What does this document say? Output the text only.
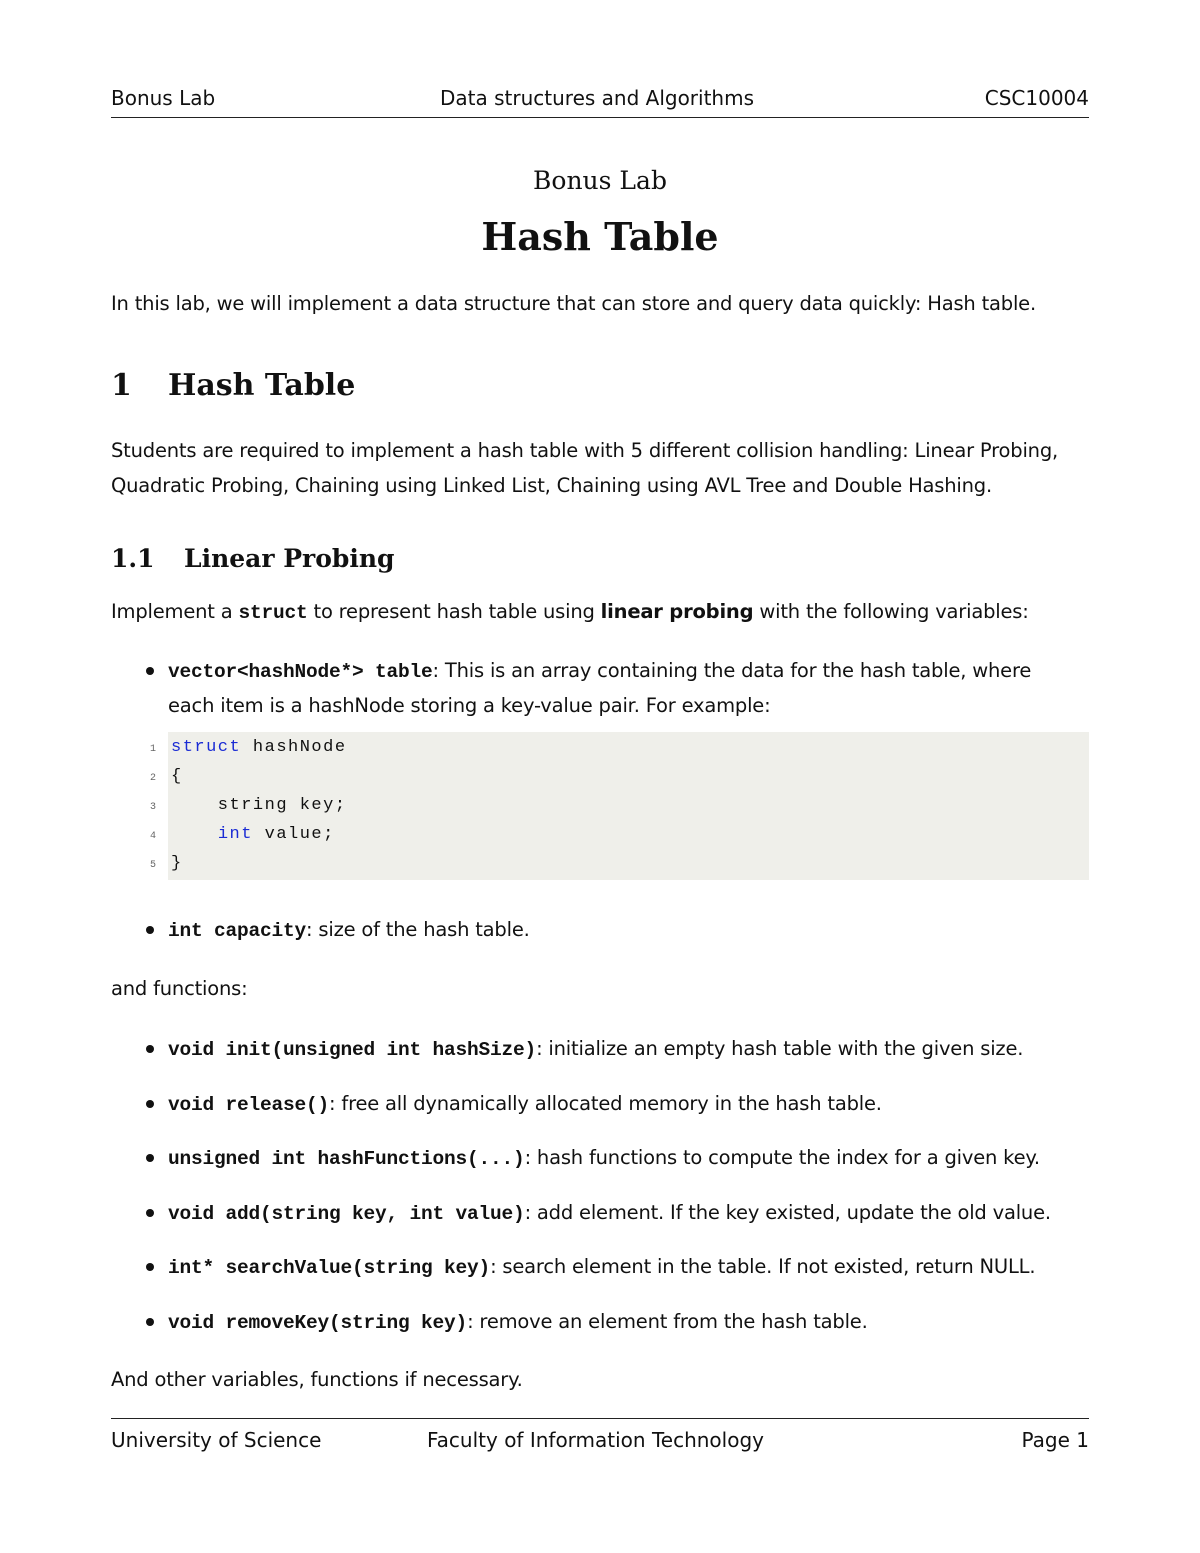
Bonus Lab	Data structures and Algorithms	CSC10004
Bonus Lab
Hash Table
In this lab, we will implement a data structure that can store and query data quickly: Hash table.
1 Hash Table
Students are required to implement a hash table with 5 different collision handling: Linear Probing,
Quadratic Probing, Chaining using Linked List, Chaining using AVL Tree and Double Hashing.
1.1 Linear Probing
Implement a struct to represent hash table using linear probing with the following variables:
vector<hashNode*> table: This is an array containing the data for the hash table, where
each item is a hashNode storing a key-value pair. For example:
1
2
3
4
5
struct hashNode
{
string key;
int value;
}
int capacity: size of the hash table.
and functions:
void init(unsigned int hashSize): initialize an empty hash table with the given size.
void release(): free all dynamically allocated memory in the hash table.
unsigned int hashFunctions(...): hash functions to compute the index for a given key.
void add(string key, int value): add element. If the key existed, update the old value.
int* searchValue(string key): search element in the table. If not existed, return NULL.
void removeKey(string key): remove an element from the hash table.
And other variables, functions if necessary.
University of Science	Faculty of Information Technology	Page 1
